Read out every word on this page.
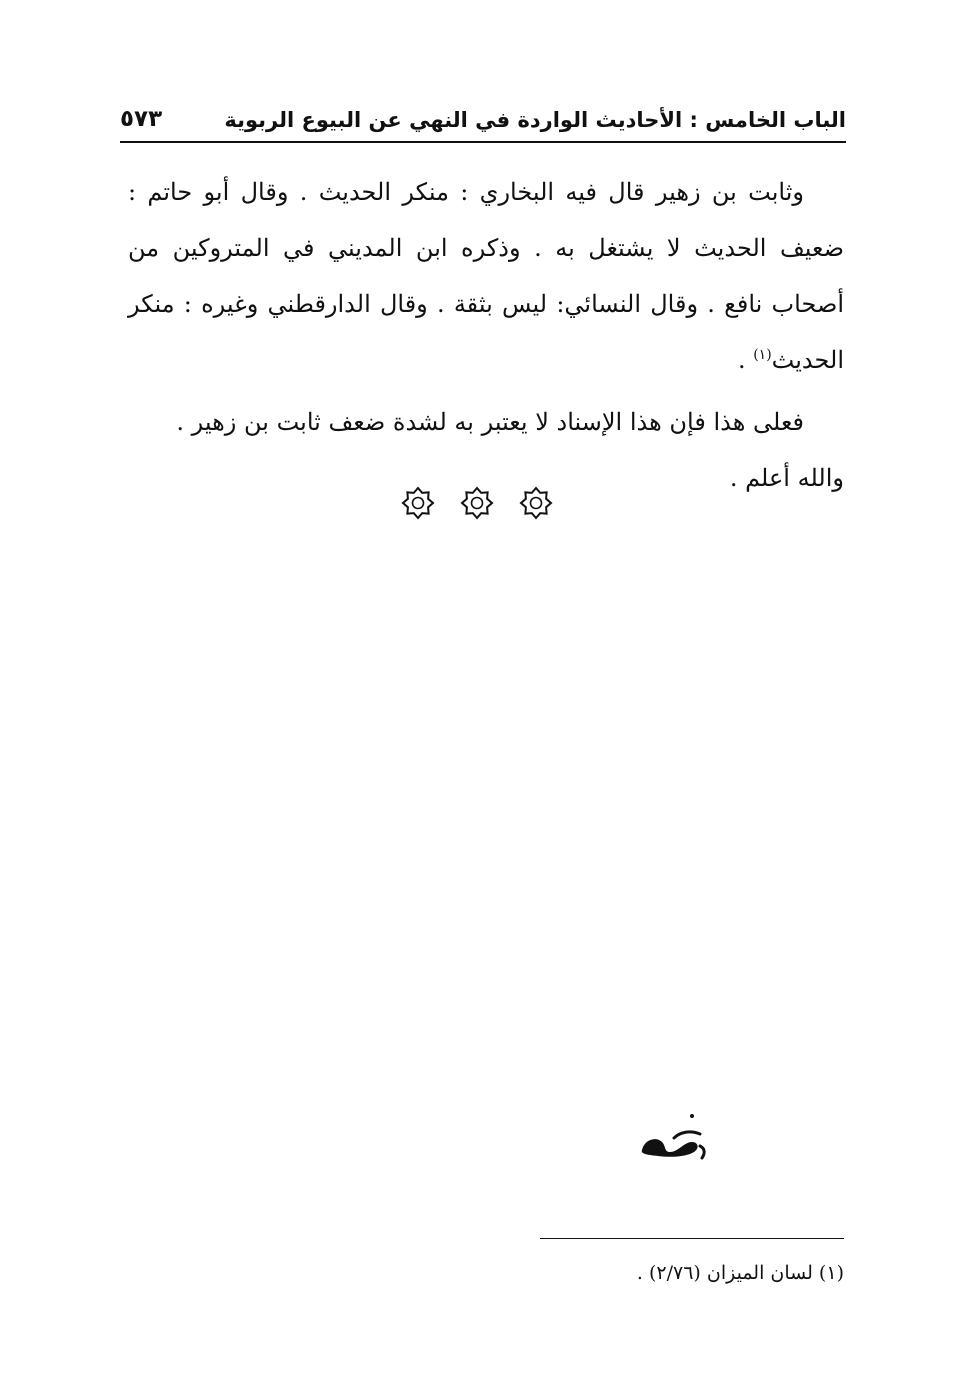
الباب الخامس : الأحاديث الواردة في النهي عن البيوع الربوية
٥٧٣

وثابت بن زهير قال فيه البخاري : منكر الحديث . وقال أبو حاتم : ضعيف الحديث لا يشتغل به . وذكره ابن المديني في المتروكين من أصحاب نافع . وقال النسائي: ليس بثقة . وقال الدارقطني وغيره : منكر الحديث$^{(١)}$ .

فعلى هذا فإن هذا الإسناد لا يعتبر به لشدة ضعف ثابت بن زهير .

والله أعلم .

(١) لسان الميزان (٢/٧٦) .
